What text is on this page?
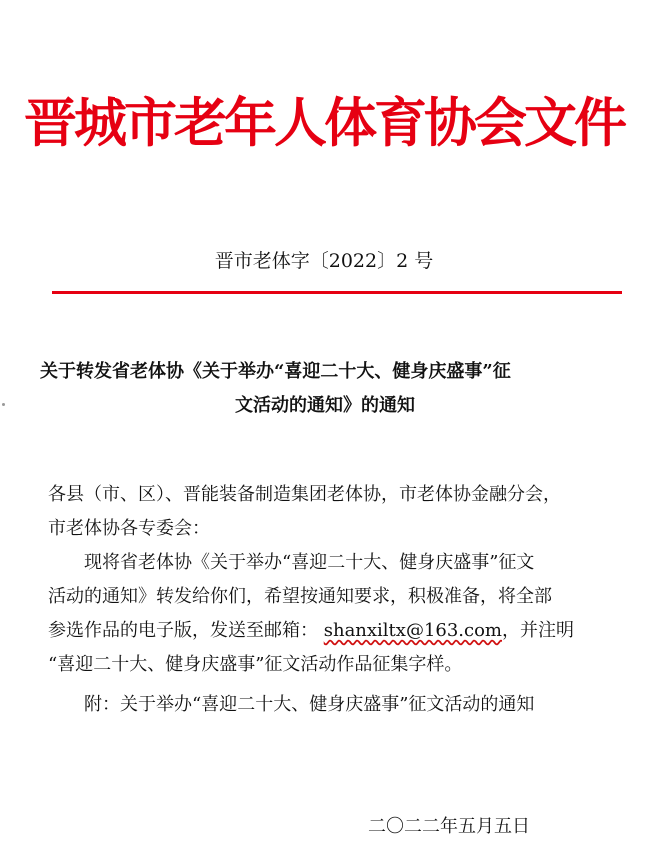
晋城市老年人体育协会文件
晋市老体字〔2022〕2 号
关于转发省老体协《关于举办“喜迎二十大、健身庆盛事”征
文活动的通知》的通知
各县（市、区）、晋能装备制造集团老体协，市老体协金融分会，
市老体协各专委会：
现将省老体协《关于举办“喜迎二十大、健身庆盛事”征文
活动的通知》转发给你们，希望按通知要求，积极准备，将全部
参选作品的电子版，发送至邮箱： shanxiltx@163.com，并注明
“喜迎二十大、健身庆盛事”征文活动作品征集字样。
附：关于举办“喜迎二十大、健身庆盛事”征文活动的通知
二〇二二年五月五日
